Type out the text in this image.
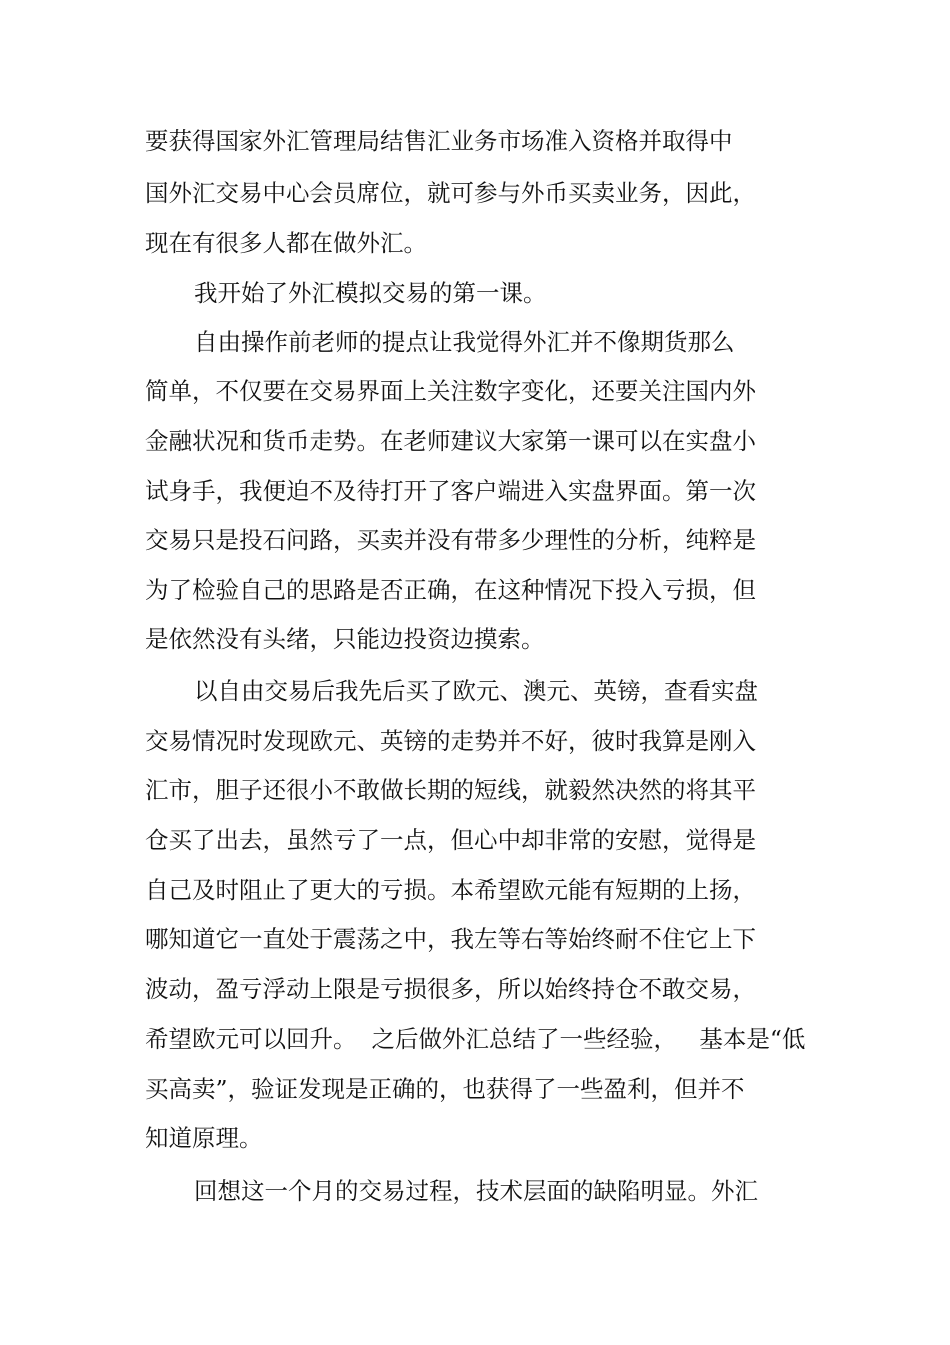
要获得国家外汇管理局结售汇业务市场准入资格并取得中
国外汇交易中心会员席位，就可参与外币买卖业务，因此，
现在有很多人都在做外汇。
我开始了外汇模拟交易的第一课。
自由操作前老师的提点让我觉得外汇并不像期货那么
简单，不仅要在交易界面上关注数字变化，还要关注国内外
金融状况和货币走势。在老师建议大家第一课可以在实盘小
试身手，我便迫不及待打开了客户端进入实盘界面。第一次
交易只是投石问路，买卖并没有带多少理性的分析，纯粹是
为了检验自己的思路是否正确，在这种情况下投入亏损，但
是依然没有头绪，只能边投资边摸索。
以自由交易后我先后买了欧元、澳元、英镑，查看实盘
交易情况时发现欧元、英镑的走势并不好，彼时我算是刚入
汇市，胆子还很小不敢做长期的短线，就毅然决然的将其平
仓买了出去，虽然亏了一点，但心中却非常的安慰，觉得是
自己及时阻止了更大的亏损。本希望欧元能有短期的上扬，
哪知道它一直处于震荡之中，我左等右等始终耐不住它上下
波动，盈亏浮动上限是亏损很多，所以始终持仓不敢交易，
希望欧元可以回升。  之后做外汇总结了一些经验，   基本是“低
买高卖”，验证发现是正确的，也获得了一些盈利，但并不
知道原理。
回想这一个月的交易过程，技术层面的缺陷明显。外汇
